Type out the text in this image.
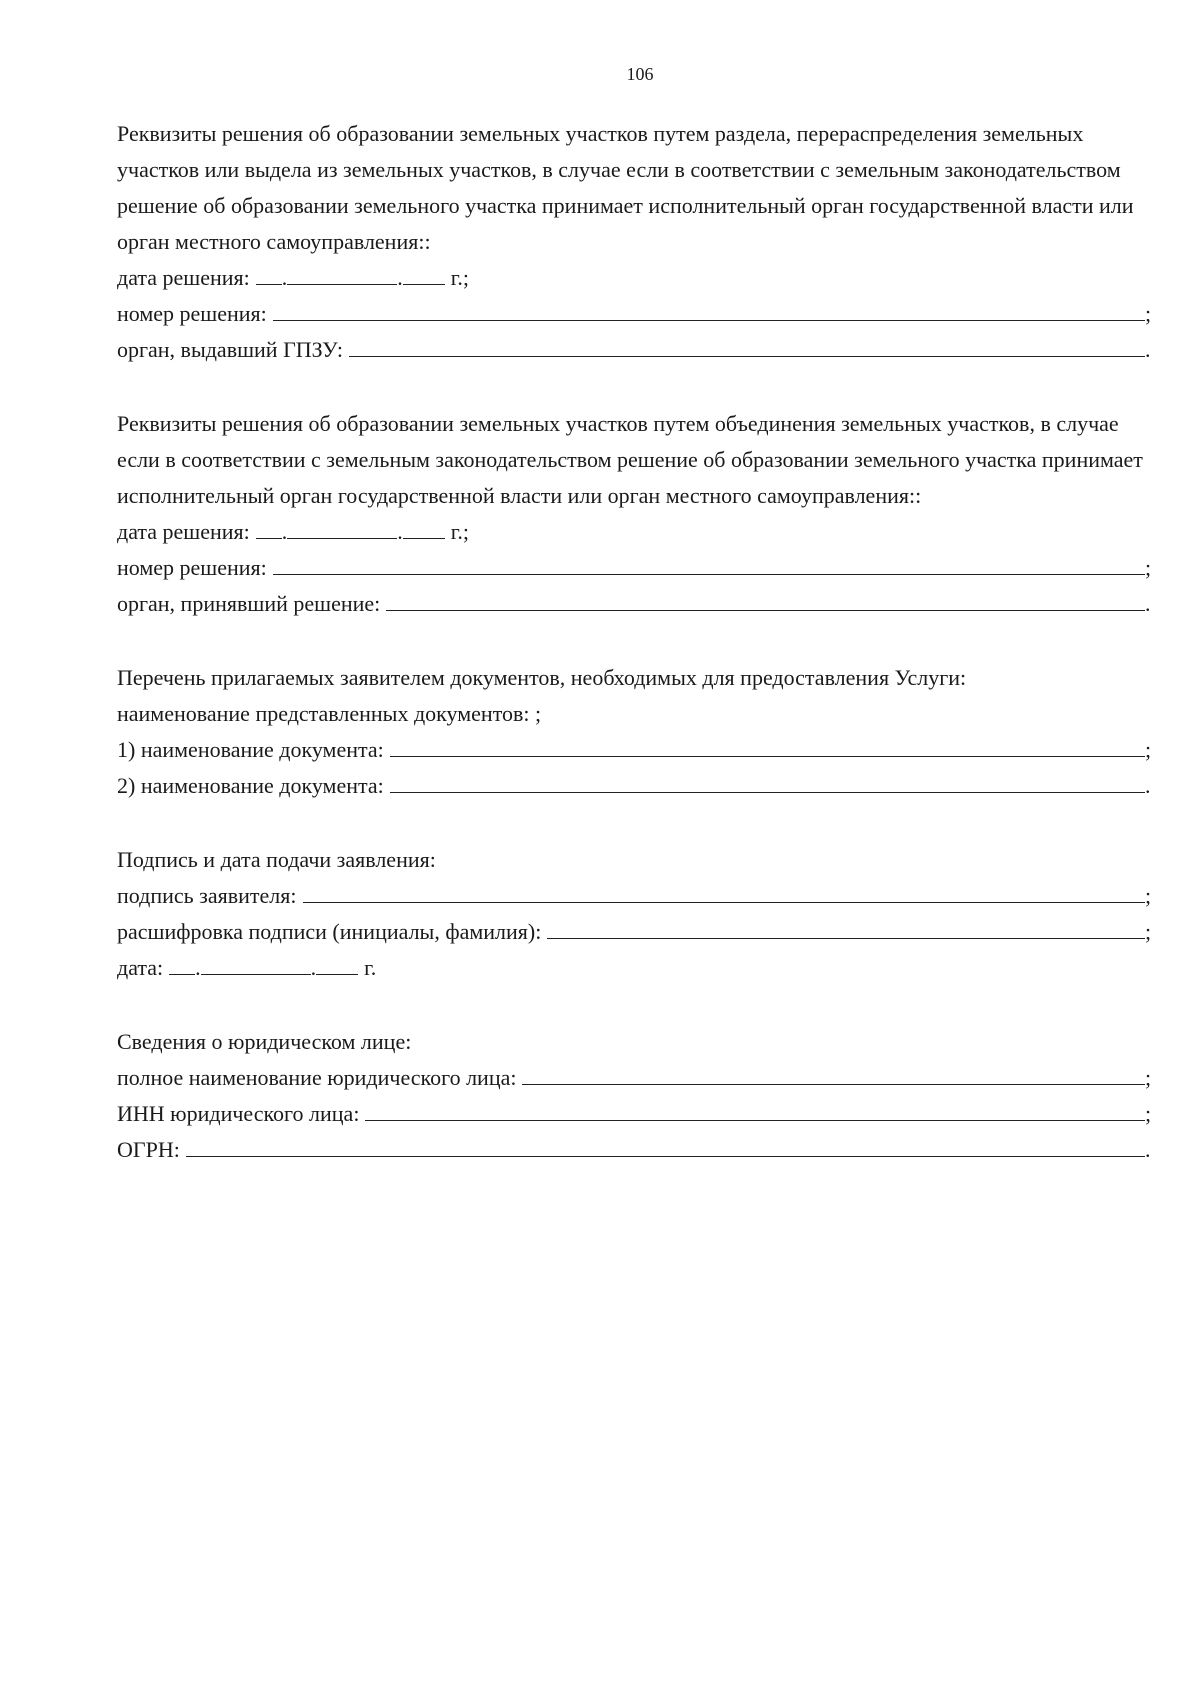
106

Реквизиты решения об образовании земельных участков путем раздела, перераспределения земельных участков или выдела из земельных участков, в случае если в соответствии с земельным законодательством решение об образовании земельного участка принимает исполнительный орган государственной власти или орган местного самоуправления::

дата решения: .	. г.;
номер решения:	;
орган, выдавший ГПЗУ:	.

Реквизиты решения об образовании земельных участков путем объединения земельных участков, в случае если в соответствии с земельным законодательством решение об образовании земельного участка принимает исполнительный орган государственной власти или орган местного самоуправления::

дата решения: .	. г.;
номер решения:	;
орган, принявший решение:	.

Перечень прилагаемых заявителем документов, необходимых для предоставления Услуги:

наименование представленных документов: ;

1) наименование документа:	;
2) наименование документа:	.

Подпись и дата подачи заявления:

подпись заявителя:	;
расшифровка подписи (инициалы, фамилия):	;
дата: .	. г.

Сведения о юридическом лице:

полное наименование юридического лица:	;
ИНН юридического лица:	;
ОГРН:	.
